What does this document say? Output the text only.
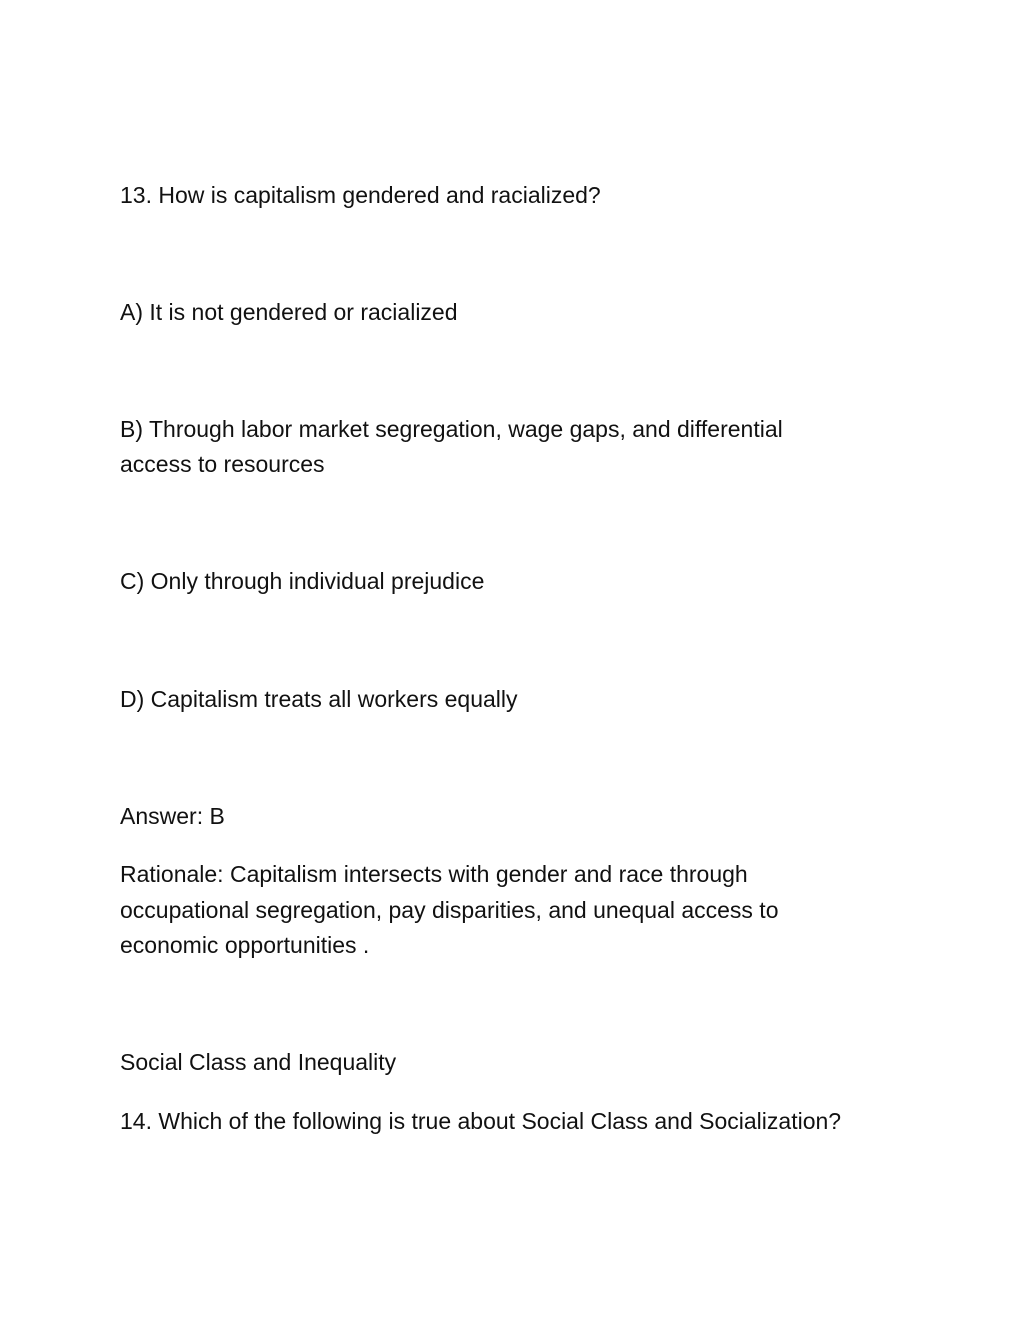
13. How is capitalism gendered and racialized?
A) It is not gendered or racialized
B) Through labor market segregation, wage gaps, and differential
access to resources
C) Only through individual prejudice
D) Capitalism treats all workers equally
Answer: B
Rationale: Capitalism intersects with gender and race through
occupational segregation, pay disparities, and unequal access to
economic opportunities .
Social Class and Inequality
14. Which of the following is true about Social Class and Socialization?
